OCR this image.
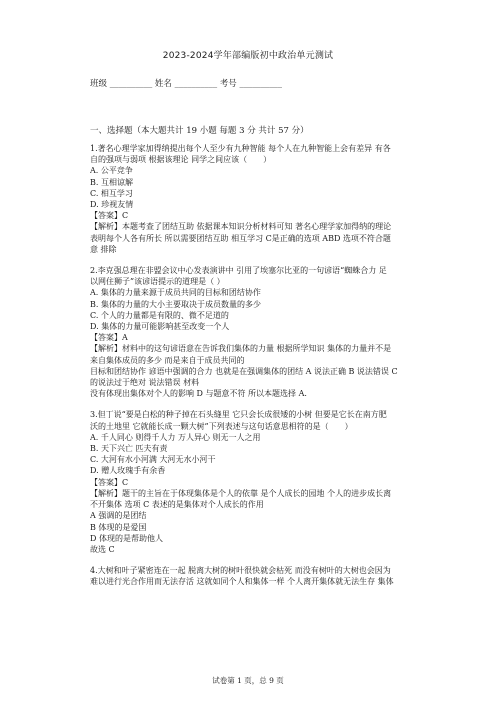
2023-2024学年部编版初中政治单元测试
班级 __________ 姓名 __________ 考号 __________
一、选择题（本大题共计 19 小题 每题 3 分 共计 57 分）
1.著名心理学家加得纳提出每个人至少有九种智能 每个人在九种智能上会有差异 有各
自的强项与弱项 根据该理论 同学之间应该（　　）
A. 公平竞争
B. 互相谅解
C. 相互学习
D. 珍视友情
【答案】C
【解析】本题考查了团结互助 依据课本知识分析材料可知 著名心理学家加得纳的理论
表明每个人各有所长 所以需要团结互助 相互学习 C是正确的选项 ABD 选项不符合题
意 排除
2.李克强总理在非盟会议中心发表演讲中 引用了埃塞尔比亚的一句谚语“蜘蛛合力 足
以网住狮子”该谚语提示的道理是（ ）
A. 集体的力量来源于成员共同的目标和团结协作
B. 集体的力量的大小主要取决于成员数量的多少
C. 个人的力量都是有限的、微不足道的
D. 集体的力量可能影响甚至改变一个人
【答案】A
【解析】材料中的这句谚语意在告诉我们集体的力量 根据所学知识 集体的力量并不是
来自集体成员的多少 而是来自于成员共同的
目标和团结协作 谚语中强调的合力 也就是在强调集体的团结 A 说法正确 B 说法错误 C
的说法过于绝对 说法错误 材料
没有体现出集体对个人的影响 D 与题意不符 所以本题选择 A.
3.但丁说“要是白松的种子掉在石头缝里 它只会长成很矮的小树 但要是它长在南方肥
沃的土地里 它就能长成一颗大树”下列表述与这句话意思相符的是（　　）
A. 千人同心 则得千人力 万人异心 则无一人之用
B. 天下兴亡 匹夫有责
C. 大河有水小河满 大河无水小河干
D. 赠人玫瑰手有余香
【答案】C
【解析】题干的主旨在于体现集体是个人的依靠 是个人成长的园地 个人的进步成长离
不开集体 选项 C 表述的是集体对个人成长的作用
A 强调的是团结
B 体现的是爱国
D 体现的是帮助他人
故选 C
4.大树和叶子紧密连在一起 脱离大树的树叶很快就会枯死 而没有树叶的大树也会因为
难以进行光合作用而无法存活 这就如同个人和集体一样 个人离开集体就无法生存 集体
试卷第 1 页，总 9 页
